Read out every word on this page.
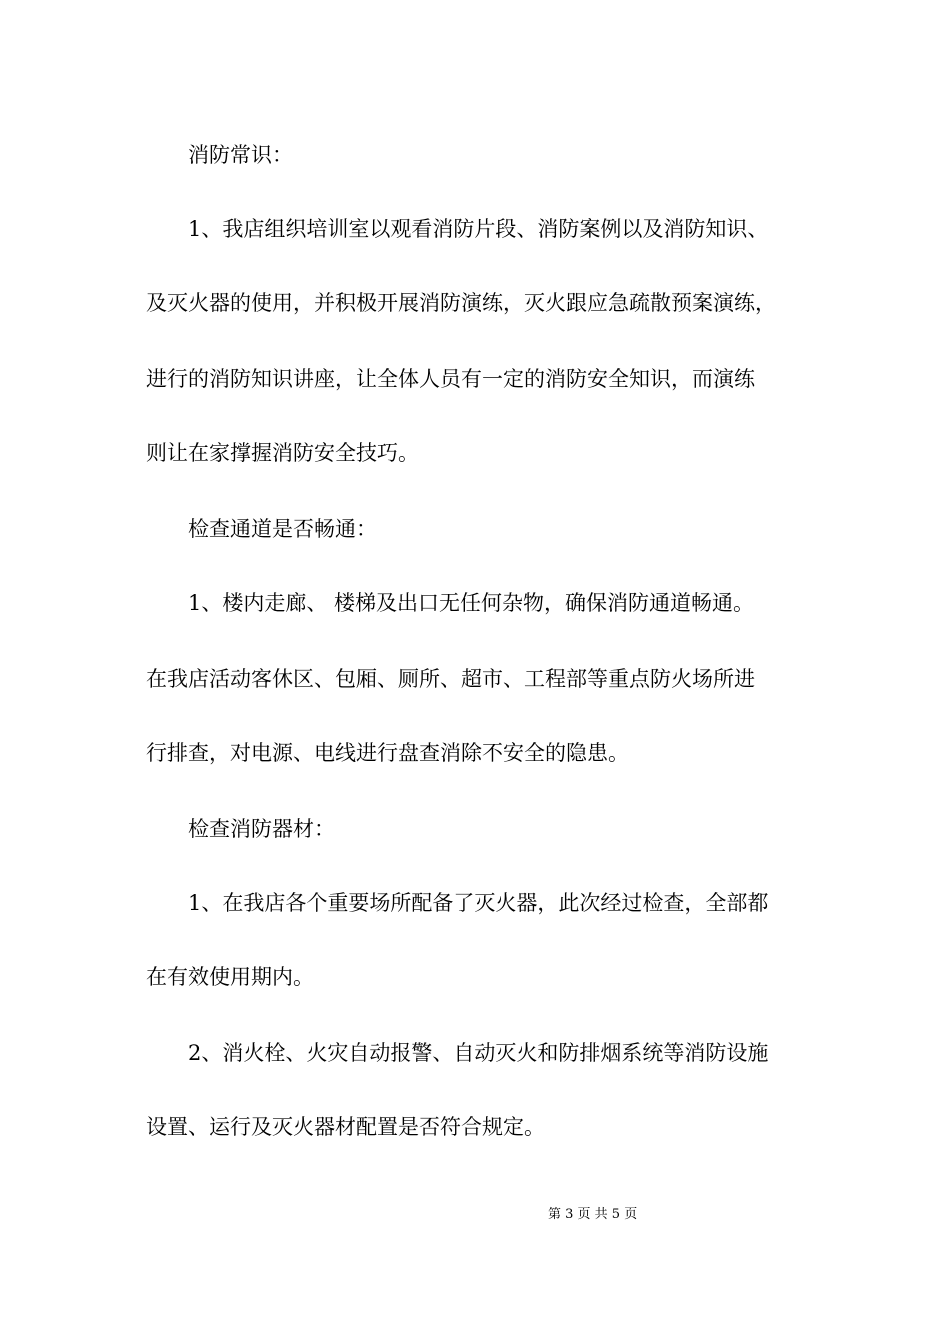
消防常识：
1、我店组织培训室以观看消防片段、消防案例以及消防知识、
及灭火器的使用，并积极开展消防演练，灭火跟应急疏散预案演练，
进行的消防知识讲座，让全体人员有一定的消防安全知识，而演练
则让在家撑握消防安全技巧。
检查通道是否畅通：
1、楼内走廊、 楼梯及出口无任何杂物，确保消防通道畅通。
在我店活动客休区、包厢、厕所、超市、工程部等重点防火场所进
行排查，对电源、电线进行盘查消除不安全的隐患。
检查消防器材：
1、在我店各个重要场所配备了灭火器，此次经过检查，全部都
在有效使用期内。
2、消火栓、火灾自动报警、自动灭火和防排烟系统等消防设施
设置、运行及灭火器材配置是否符合规定。
第 3 页 共 5 页
